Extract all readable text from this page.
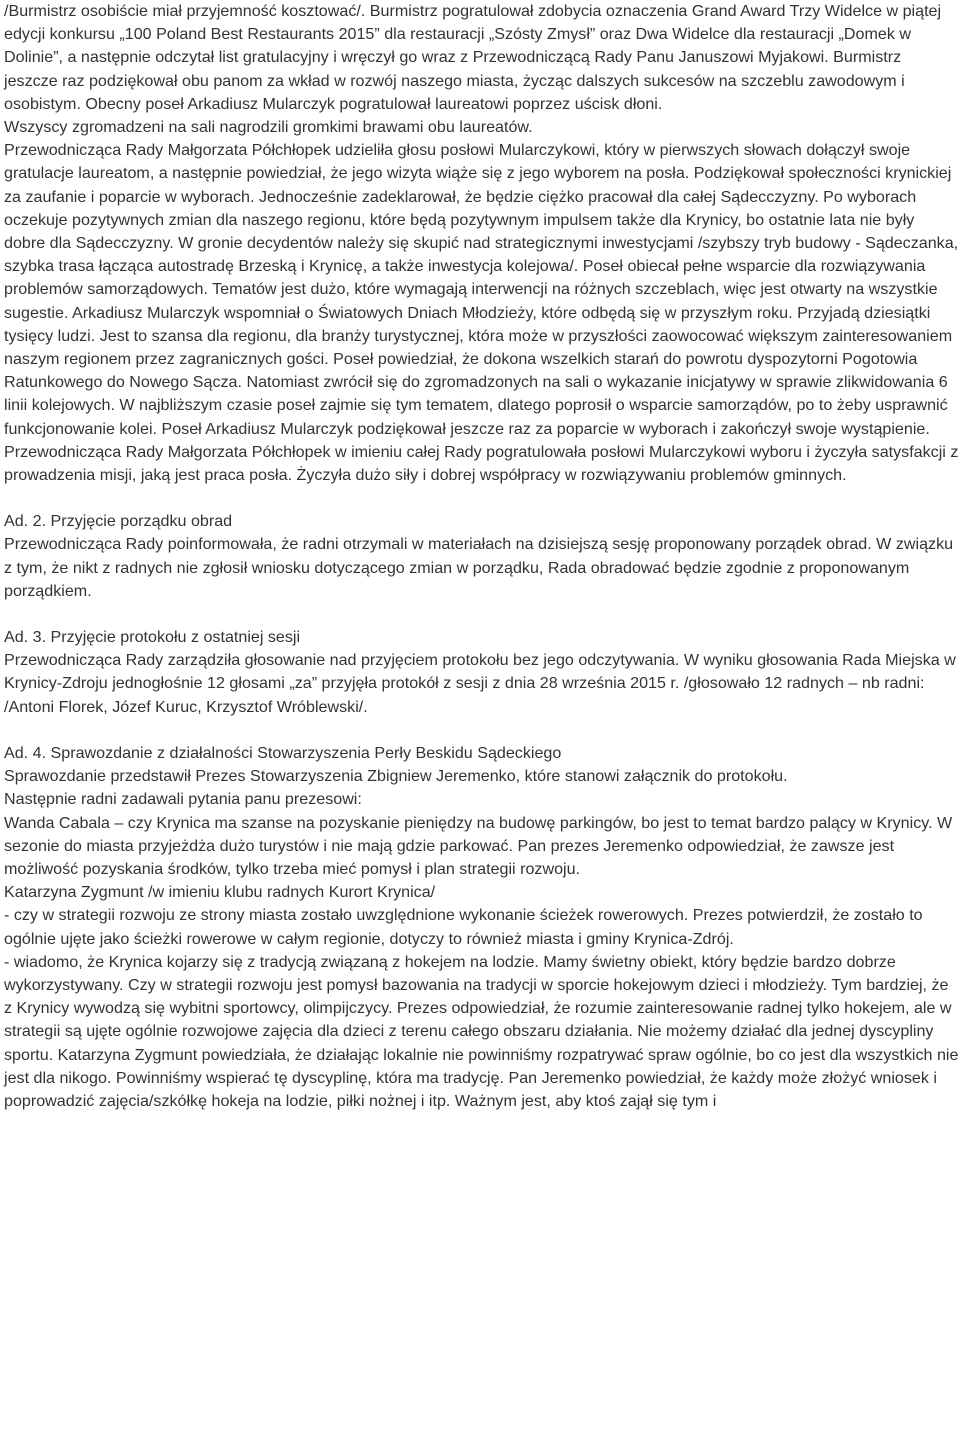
/Burmistrz osobiście miał przyjemność kosztować/. Burmistrz pogratulował zdobycia oznaczenia Grand Award Trzy Widelce w piątej edycji konkursu „100 Poland Best Restaurants 2015” dla restauracji „Szósty Zmysł” oraz Dwa Widelce dla restauracji „Domek w Dolinie”, a następnie odczytał list gratulacyjny i wręczył go wraz z Przewodniczącą Rady Panu Januszowi Myjakowi. Burmistrz jeszcze raz podziękował obu panom za wkład w rozwój naszego miasta, życząc dalszych sukcesów na szczeblu zawodowym i osobistym. Obecny poseł Arkadiusz Mularczyk pogratulował laureatowi poprzez uścisk dłoni.

Wszyscy zgromadzeni na sali nagrodzili gromkimi brawami obu laureatów.

Przewodnicząca Rady Małgorzata Półchłopek udzieliła głosu posłowi Mularczykowi, który w pierwszych słowach dołączył swoje gratulacje laureatom, a następnie powiedział, że jego wizyta wiąże się z jego wyborem na posła. Podziękował społeczności krynickiej za zaufanie i poparcie w wyborach. Jednocześnie zadeklarował, że będzie ciężko pracował dla całej Sądecczyzny. Po wyborach oczekuje pozytywnych zmian dla naszego regionu, które będą pozytywnym impulsem także dla Krynicy, bo ostatnie lata nie były dobre dla Sądecczyzny. W gronie decydentów należy się skupić nad strategicznymi inwestycjami /szybszy tryb budowy - Sądeczanka, szybka trasa łącząca autostradę Brzeską i Krynicę, a także inwestycja kolejowa/. Poseł obiecał pełne wsparcie dla rozwiązywania problemów samorządowych. Tematów jest dużo, które wymagają interwencji na różnych szczeblach, więc jest otwarty na wszystkie sugestie. Arkadiusz Mularczyk wspomniał o Światowych Dniach Młodzieży, które odbędą się w przyszłym roku. Przyjadą dziesiątki tysięcy ludzi. Jest to szansa dla regionu, dla branży turystycznej, która może w przyszłości zaowocować większym zainteresowaniem naszym regionem przez zagranicznych gości. Poseł powiedział, że dokona wszelkich starań do powrotu dyspozytorni Pogotowia Ratunkowego do Nowego Sącza. Natomiast zwrócił się do zgromadzonych na sali o wykazanie inicjatywy w sprawie zlikwidowania 6 linii kolejowych. W najbliższym czasie poseł zajmie się tym tematem, dlatego poprosił o wsparcie samorządów, po to żeby usprawnić funkcjonowanie kolei. Poseł Arkadiusz Mularczyk podziękował jeszcze raz za poparcie w wyborach i zakończył swoje wystąpienie.

Przewodnicząca Rady Małgorzata Półchłopek w imieniu całej Rady pogratulowała posłowi Mularczykowi wyboru i życzyła satysfakcji z prowadzenia misji, jaką jest praca posła. Życzyła dużo siły i dobrej współpracy w rozwiązywaniu problemów gminnych.

Ad. 2. Przyjęcie porządku obrad

Przewodnicząca Rady poinformowała, że radni otrzymali w materiałach na dzisiejszą sesję proponowany porządek obrad. W związku z tym, że nikt z radnych nie zgłosił wniosku dotyczącego zmian w porządku, Rada obradować będzie zgodnie z proponowanym porządkiem.

Ad. 3. Przyjęcie protokołu z ostatniej sesji

Przewodnicząca Rady zarządziła głosowanie nad przyjęciem protokołu bez jego odczytywania. W wyniku głosowania Rada Miejska w Krynicy-Zdroju jednogłośnie 12 głosami „za” przyjęła protokół z sesji z dnia 28 września 2015 r. /głosowało 12 radnych – nb radni: /Antoni Florek, Józef Kuruc, Krzysztof Wróblewski/.

Ad. 4. Sprawozdanie z działalności Stowarzyszenia Perły Beskidu Sądeckiego

Sprawozdanie przedstawił Prezes Stowarzyszenia Zbigniew Jeremenko, które stanowi załącznik do protokołu.

Następnie radni zadawali pytania panu prezesowi:

Wanda Cabala – czy Krynica ma szanse na pozyskanie pieniędzy na budowę parkingów, bo jest to temat bardzo palący w Krynicy. W sezonie do miasta przyjeżdża dużo turystów i nie mają gdzie parkować. Pan prezes Jeremenko odpowiedział, że zawsze jest możliwość pozyskania środków, tylko trzeba mieć pomysł i plan strategii rozwoju.

Katarzyna Zygmunt /w imieniu klubu radnych Kurort Krynica/

- czy w strategii rozwoju ze strony miasta zostało uwzględnione wykonanie ścieżek rowerowych. Prezes potwierdził, że zostało to ogólnie ujęte jako ścieżki rowerowe w całym regionie, dotyczy to również miasta i gminy Krynica-Zdrój.

- wiadomo, że Krynica kojarzy się z tradycją związaną z hokejem na lodzie. Mamy świetny obiekt, który będzie bardzo dobrze wykorzystywany. Czy w strategii rozwoju jest pomysł bazowania na tradycji w sporcie hokejowym dzieci i młodzieży. Tym bardziej, że z Krynicy wywodzą się wybitni sportowcy, olimpijczycy. Prezes odpowiedział, że rozumie zainteresowanie radnej tylko hokejem, ale w strategii są ujęte ogólnie rozwojowe zajęcia dla dzieci z terenu całego obszaru działania. Nie możemy działać dla jednej dyscypliny sportu. Katarzyna Zygmunt powiedziała, że działając lokalnie nie powinniśmy rozpatrywać spraw ogólnie, bo co jest dla wszystkich nie jest dla nikogo. Powinniśmy wspierać tę dyscyplinę, która ma tradycję. Pan Jeremenko powiedział, że każdy może złożyć wniosek i poprowadzić zajęcia/szkółkę hokeja na lodzie, piłki nożnej i itp. Ważnym jest, aby ktoś zajął się tym i
